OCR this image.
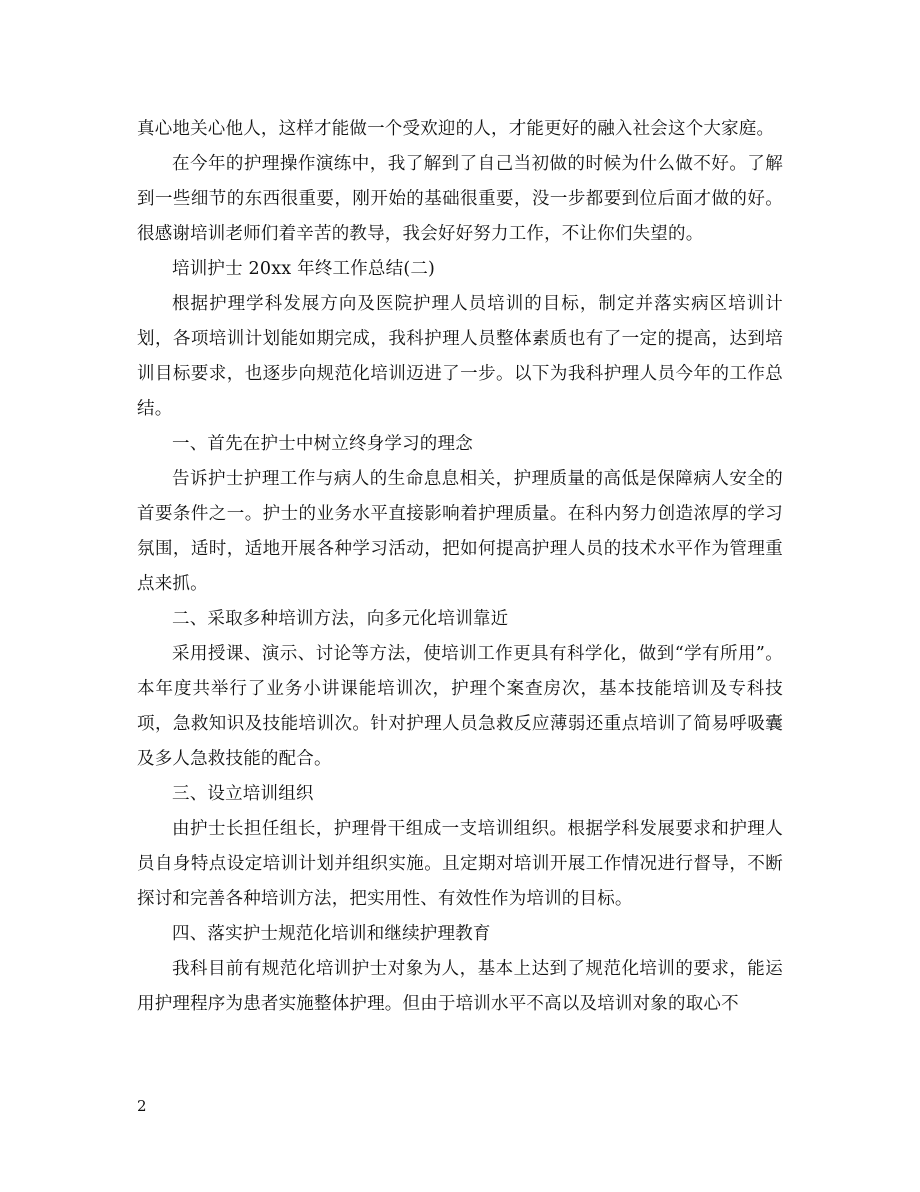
真心地关心他人，这样才能做一个受欢迎的人，才能更好的融入社会这个大家庭。

在今年的护理操作演练中，我了解到了自己当初做的时候为什么做不好。了解到一些细节的东西很重要，刚开始的基础很重要，没一步都要到位后面才做的好。很感谢培训老师们着辛苦的教导，我会好好努力工作，不让你们失望的。

培训护士 20xx 年终工作总结(二)

根据护理学科发展方向及医院护理人员培训的目标，制定并落实病区培训计划，各项培训计划能如期完成，我科护理人员整体素质也有了一定的提高，达到培训目标要求，也逐步向规范化培训迈进了一步。以下为我科护理人员今年的工作总结。

一、首先在护士中树立终身学习的理念

告诉护士护理工作与病人的生命息息相关，护理质量的高低是保障病人安全的首要条件之一。护士的业务水平直接影响着护理质量。在科内努力创造浓厚的学习氛围，适时，适地开展各种学习活动，把如何提高护理人员的技术水平作为管理重点来抓。

二、采取多种培训方法，向多元化培训靠近

采用授课、演示、讨论等方法，使培训工作更具有科学化，做到“学有所用”。本年度共举行了业务小讲课能培训次，护理个案查房次，基本技能培训及专科技项，急救知识及技能培训次。针对护理人员急救反应薄弱还重点培训了简易呼吸囊及多人急救技能的配合。

三、设立培训组织

由护士长担任组长，护理骨干组成一支培训组织。根据学科发展要求和护理人员自身特点设定培训计划并组织实施。且定期对培训开展工作情况进行督导，不断探讨和完善各种培训方法，把实用性、有效性作为培训的目标。

四、落实护士规范化培训和继续护理教育

我科目前有规范化培训护士对象为人，基本上达到了规范化培训的要求，能运用护理程序为患者实施整体护理。但由于培训水平不高以及培训对象的取心不

2
